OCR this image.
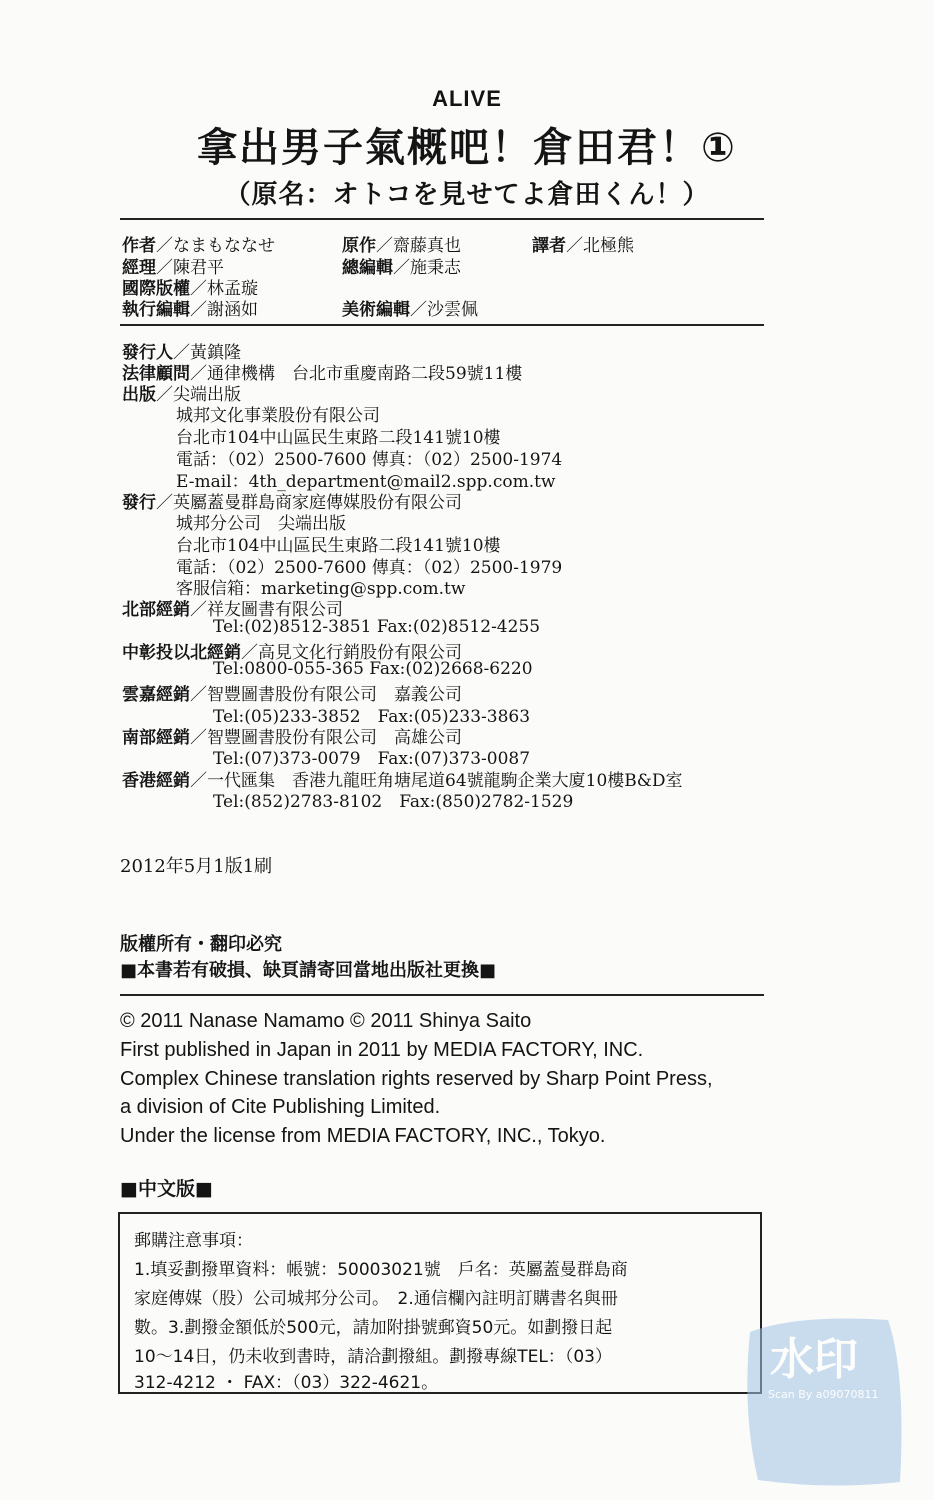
ALIVE
拿出男子氣概吧！倉田君！①
（原名：オトコを見せてよ倉田くん！）
作者／なまもななせ	原作／齋藤真也	譯者／北極熊
經理／陳君平	總編輯／施秉志
國際版權／林孟璇
執行編輯／謝涵如	美術編輯／沙雲佩
發行人／黃鎮隆
法律顧問／通律機構　台北市重慶南路二段59號11樓
出版／尖端出版
城邦文化事業股份有限公司
台北市104中山區民生東路二段141號10樓
電話：（02）2500-7600 傳真：（02）2500-1974
E-mail：4th_department@mail2.spp.com.tw
發行／英屬蓋曼群島商家庭傳媒股份有限公司
城邦分公司　尖端出版
台北市104中山區民生東路二段141號10樓
電話：（02）2500-7600 傳真：（02）2500-1979
客服信箱：marketing@spp.com.tw
北部經銷／祥友圖書有限公司
Tel:(02)8512-3851 Fax:(02)8512-4255
中彰投以北經銷／高見文化行銷股份有限公司
Tel:0800-055-365 Fax:(02)2668-6220
雲嘉經銷／智豐圖書股份有限公司　嘉義公司
Tel:(05)233-3852　Fax:(05)233-3863
南部經銷／智豐圖書股份有限公司　高雄公司
Tel:(07)373-0079　Fax:(07)373-0087
香港經銷／一代匯集　香港九龍旺角塘尾道64號龍駒企業大廈10樓B&D室
Tel:(852)2783-8102　Fax:(850)2782-1529
2012年5月1版1刷
版權所有・翻印必究
■本書若有破損、缺頁請寄回當地出版社更換■
© 2011 Nanase Namamo © 2011 Shinya Saito
First published in Japan in 2011 by MEDIA FACTORY, INC.
Complex Chinese translation rights reserved by Sharp Point Press,
a division of Cite Publishing Limited.
Under the license from MEDIA FACTORY, INC., Tokyo.
■中文版■
郵購注意事項：
1.填妥劃撥單資料：帳號：50003021號　戶名：英屬蓋曼群島商
家庭傳媒（股）公司城邦分公司。　2.通信欄內註明訂購書名與冊
數。3.劃撥金額低於500元，請加附掛號郵資50元。如劃撥日起
10～14日，仍未收到書時，請洽劃撥組。劃撥專線TEL：（03）
312-4212 ・ FAX：（03）322-4621。	水印
Scan By a09070811
